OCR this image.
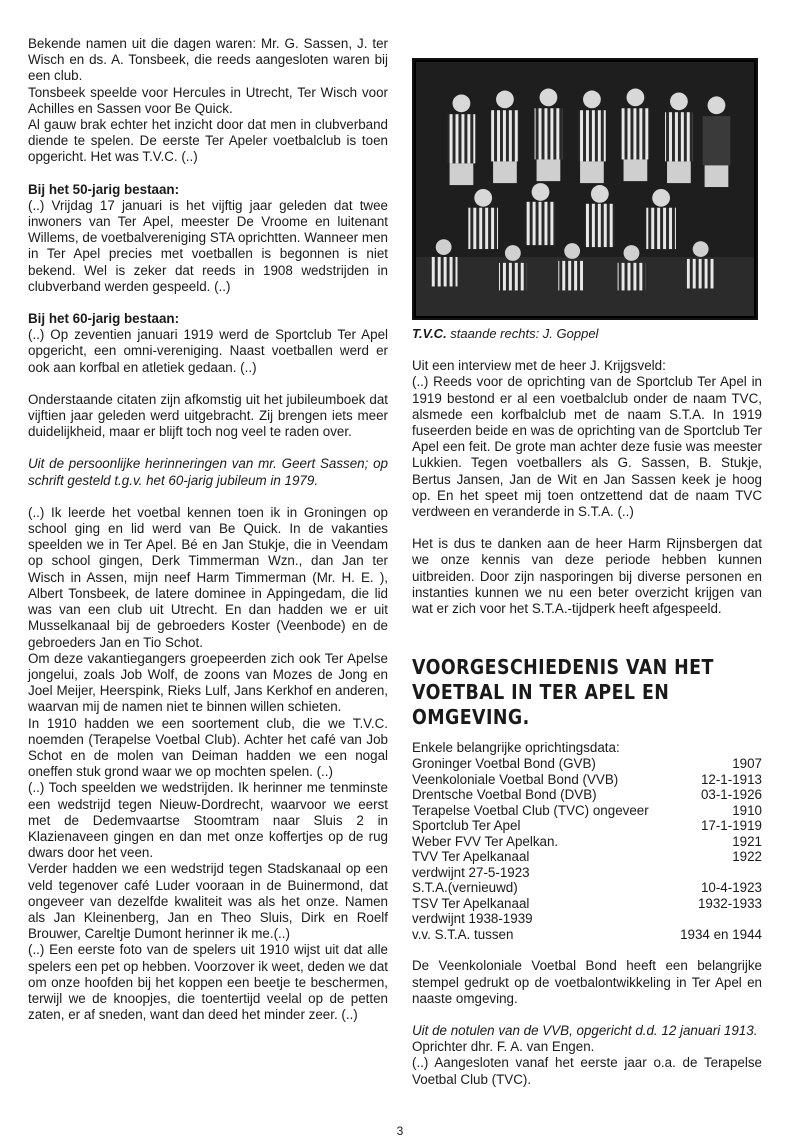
Bekende namen uit die dagen waren: Mr. G. Sassen, J. ter Wisch en ds. A. Tonsbeek, die reeds aangesloten waren bij een club.

Tonsbeek speelde voor Hercules in Utrecht, Ter Wisch voor Achilles en Sassen voor Be Quick.

Al gauw brak echter het inzicht door dat men in clubverband diende te spelen. De eerste Ter Apeler voetbalclub is toen opgericht. Het was T.V.C. (..)

Bij het 50-jarig bestaan:

(..) Vrijdag 17 januari is het vijftig jaar geleden dat twee inwoners van Ter Apel, meester De Vroome en luitenant Willems, de voetbalvereniging STA oprichtten. Wanneer men in Ter Apel precies met voetballen is begonnen is niet bekend. Wel is zeker dat reeds in 1908 wedstrijden in clubverband werden gespeeld. (..)

Bij het 60-jarig bestaan:

(..) Op zeventien januari 1919 werd de Sportclub Ter Apel opgericht, een omni-vereniging. Naast voetballen werd er ook aan korfbal en atletiek gedaan. (..)

Onderstaande citaten zijn afkomstig uit het jubileumboek dat vijftien jaar geleden werd uitgebracht. Zij brengen iets meer duidelijkheid, maar er blijft toch nog veel te raden over.

Uit de persoonlijke herinneringen van mr. Geert Sassen; op schrift gesteld t.g.v. het 60-jarig jubileum in 1979.

(..) Ik leerde het voetbal kennen toen ik in Groningen op school ging en lid werd van Be Quick. In de vakanties speelden we in Ter Apel. Bé en Jan Stukje, die in Veendam op school gingen, Derk Timmerman Wzn., dan Jan ter Wisch in Assen, mijn neef Harm Timmerman (Mr. H. E. ), Albert Tonsbeek, de latere dominee in Appingedam, die lid was van een club uit Utrecht. En dan hadden we er uit Musselkanaal bij de gebroeders Koster (Veenbode) en de gebroeders Jan en Tio Schot.

Om deze vakantiegangers groepeerden zich ook Ter Apelse jongelui, zoals Job Wolf, de zoons van Mozes de Jong en Joel Meijer, Heerspink, Rieks Lulf, Jans Kerkhof en anderen, waarvan mij de namen niet te binnen willen schieten.

In 1910 hadden we een soortement club, die we T.V.C. noemden (Terapelse Voetbal Club). Achter het café van Job Schot en de molen van Deiman hadden we een nogal oneffen stuk grond waar we op mochten spelen. (..)

(..) Toch speelden we wedstrijden. Ik herinner me tenminste een wedstrijd tegen Nieuw-Dordrecht, waarvoor we eerst met de Dedemvaartse Stoomtram naar Sluis 2 in Klazienaveen gingen en dan met onze koffertjes op de rug dwars door het veen.

Verder hadden we een wedstrijd tegen Stadskanaal op een veld tegenover café Luder vooraan in de Buinermond, dat ongeveer van dezelfde kwaliteit was als het onze. Namen als Jan Kleinenberg, Jan en Theo Sluis, Dirk en Roelf Brouwer, Careltje Dumont herinner ik me.(..)

(..) Een eerste foto van de spelers uit 1910 wijst uit dat alle spelers een pet op hebben. Voorzover ik weet, deden we dat om onze hoofden bij het koppen een beetje te beschermen, terwijl we de knoopjes, die toentertijd veelal op de petten zaten, er af sneden, want dan deed het minder zeer. (..)

T.V.C. staande rechts: J. Goppel

Uit een interview met de heer J. Krijgsveld:

(..) Reeds voor de oprichting van de Sportclub Ter Apel in 1919 bestond er al een voetbalclub onder de naam TVC, alsmede een korfbalclub met de naam S.T.A. In 1919 fuseerden beide en was de oprichting van de Sportclub Ter Apel een feit. De grote man achter deze fusie was meester Lukkien. Tegen voetballers als G. Sassen, B. Stukje, Bertus Jansen, Jan de Wit en Jan Sassen keek je hoog op. En het speet mij toen ontzettend dat de naam TVC verdween en veranderde in S.T.A. (..)

Het is dus te danken aan de heer Harm Rijnsbergen dat we onze kennis van deze periode hebben kunnen uitbreiden. Door zijn nasporingen bij diverse personen en instanties kunnen we nu een beter overzicht krijgen van wat er zich voor het S.T.A.-tijdperk heeft afgespeeld.

VOORGESCHIEDENIS VAN HET
VOETBAL IN TER APEL EN
OMGEVING.

Enkele belangrijke oprichtingsdata:

Groninger Voetbal Bond (GVB)	1907
Veenkoloniale Voetbal Bond (VVB)	12-1-1913
Drentsche Voetbal Bond (DVB)	03-1-1926
Terapelse Voetbal Club (TVC) ongeveer	1910
Sportclub Ter Apel	17-1-1919
Weber FVV Ter Apelkan.	1921
TVV Ter Apelkanaal	1922
verdwijnt 27-5-1923	
S.T.A.(vernieuwd)	10-4-1923
TSV Ter Apelkanaal	1932-1933
verdwijnt 1938-1939	
v.v. S.T.A. tussen	1934 en 1944

De Veenkoloniale Voetbal Bond heeft een belangrijke stempel gedrukt op de voetbalontwikkeling in Ter Apel en naaste omgeving.

Uit de notulen van de VVB, opgericht d.d. 12 januari 1913.

Oprichter dhr. F. A. van Engen.

(..) Aangesloten vanaf het eerste jaar o.a. de Terapelse Voetbal Club (TVC).

3
